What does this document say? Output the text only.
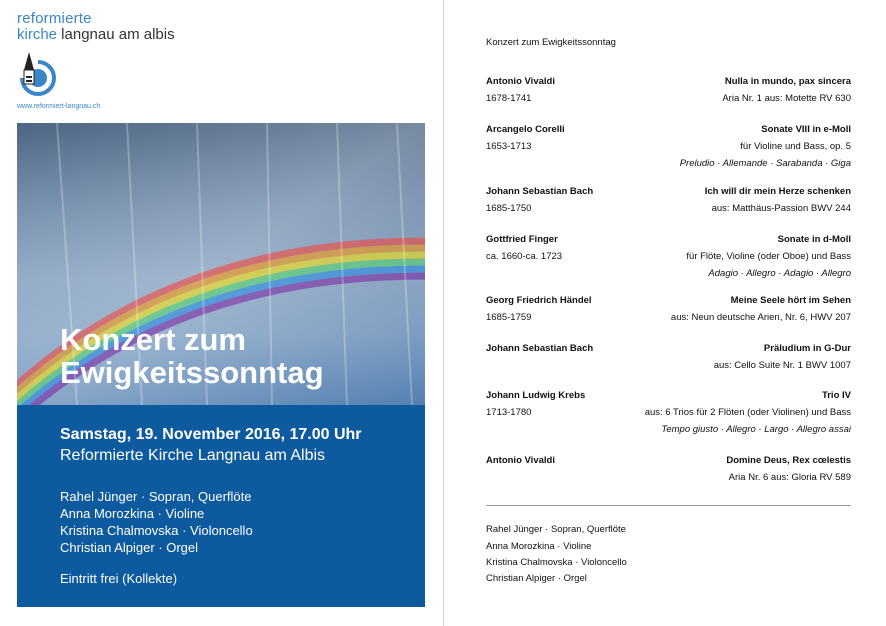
reformierte
kirche langnau am albis
www.reformiert-langnau.ch
Konzert zum
Ewigkeitssonntag
Samstag, 19. November 2016, 17.00 Uhr
Reformierte Kirche Langnau am Albis
Rahel Jünger · Sopran, Querflöte
Anna Morozkina · Violine
Kristina Chalmovska · Violoncello
Christian Alpiger · Orgel
Eintritt frei (Kollekte)
Konzert zum Ewigkeitssonntag
Antonio Vivaldi
1678-1741
Nulla in mundo, pax sincera
Aria Nr. 1 aus: Motette RV 630
Arcangelo Corelli
1653-1713
Sonate VIII in e-Moll
für Violine und Bass, op. 5
Preludio · Allemande · Sarabanda · Giga
Johann Sebastian Bach
1685-1750
Ich will dir mein Herze schenken
aus: Matthäus-Passion BWV 244
Gottfried Finger
ca. 1660-ca. 1723
Sonate in d-Moll
für Flöte, Violine (oder Oboe) und Bass
Adagio · Allegro · Adagio · Allegro
Georg Friedrich Händel
1685-1759
Meine Seele hört im Sehen
aus: Neun deutsche Arien, Nr. 6, HWV 207
Johann Sebastian Bach	Präludium in G-Dur
aus: Cello Suite Nr. 1 BWV 1007
Johann Ludwig Krebs
1713-1780
Trio IV
aus: 6 Trios für 2 Flöten (oder Violinen) und Bass
Tempo giusto · Allegro · Largo · Allegro assai
Antonio Vivaldi	Domine Deus, Rex cœlestis
Aria Nr. 6 aus: Gloria RV 589
Rahel Jünger · Sopran, Querflöte
Anna Morozkina · Violine
Kristina Chalmovska · Violoncello
Christian Alpiger · Orgel
